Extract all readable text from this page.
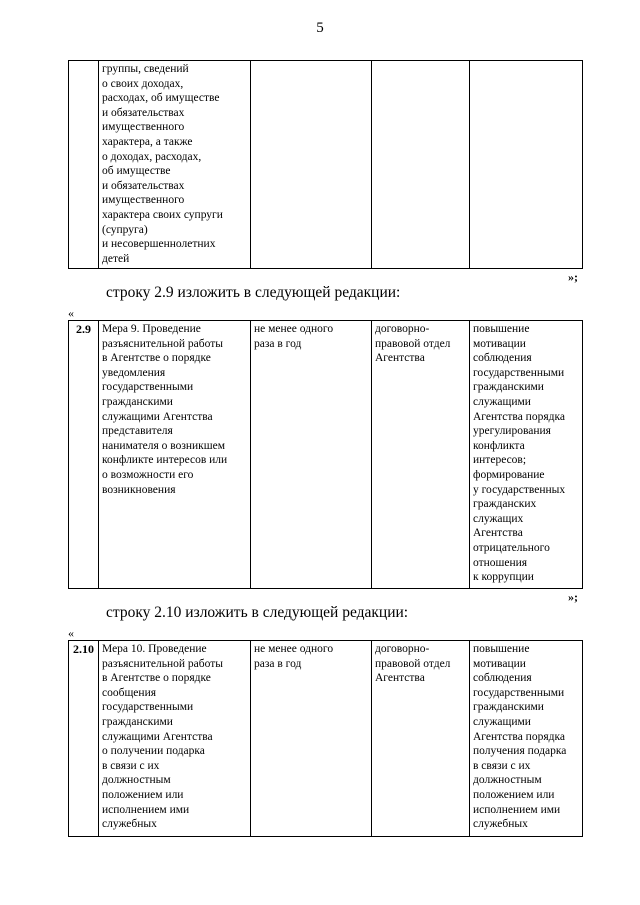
5
	группы, сведений
о своих доходах,
расходах, об имуществе
и обязательствах
имущественного
характера, а также
о доходах, расходах,
об имуществе
и обязательствах
имущественного
характера своих супруги
(супруга)
и несовершеннолетних
детей			
»;
строку 2.9 изложить в следующей редакции:
«
2.9	Мера 9. Проведение
разъяснительной работы
в Агентстве о порядке
уведомления
государственными
гражданскими
служащими Агентства
представителя
нанимателя о возникшем
конфликте интересов или
о возможности его
возникновения	не менее одного
раза в год	договорно-
правовой отдел
Агентства	повышение
мотивации
соблюдения
государственными
гражданскими
служащими
Агентства порядка
урегулирования
конфликта
интересов;
формирование
у государственных
гражданских
служащих
Агентства
отрицательного
отношения
к коррупции
»;
строку 2.10 изложить в следующей редакции:
«
2.10	Мера 10. Проведение
разъяснительной работы
в Агентстве о порядке
сообщения
государственными
гражданскими
служащими Агентства
о получении подарка
в связи с их
должностным
положением или
исполнением ими
служебных	не менее одного
раза в год	договорно-
правовой отдел
Агентства	повышение
мотивации
соблюдения
государственными
гражданскими
служащими
Агентства порядка
получения подарка
в связи с их
должностным
положением или
исполнением ими
служебных
